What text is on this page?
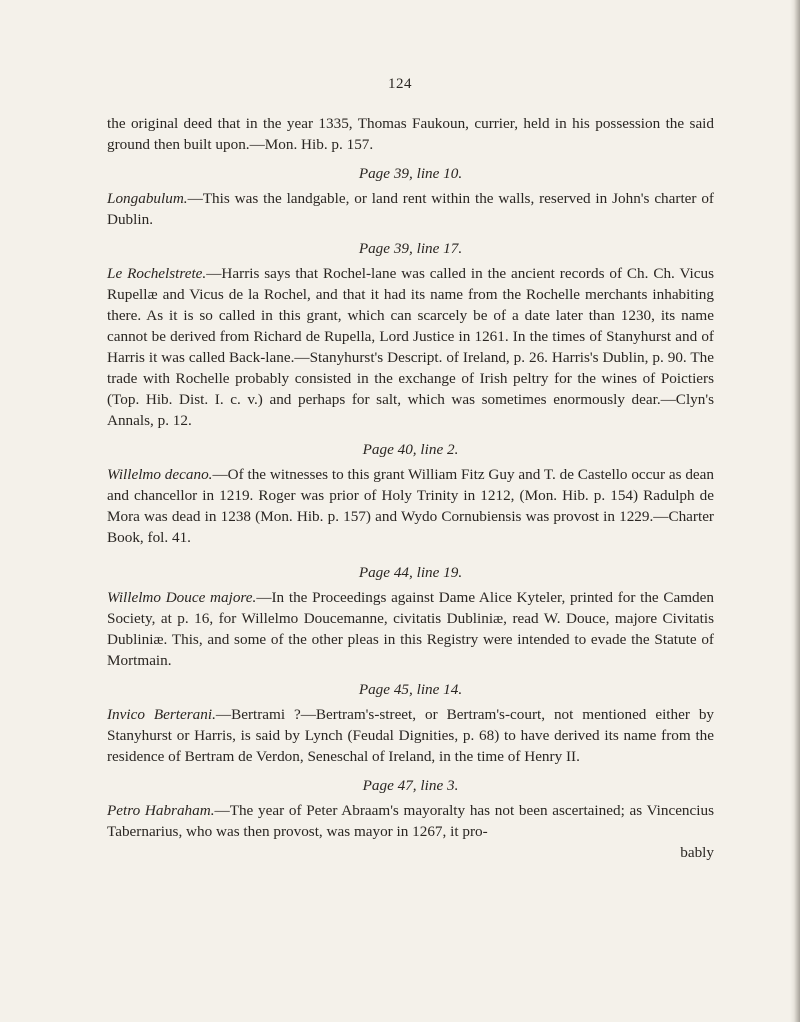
124

the original deed that in the year 1335, Thomas Faukoun, currier, held in his possession the said ground then built upon.—Mon. Hib. p. 157.

Page 39, line 10.

Longabulum.—This was the landgable, or land rent within the walls, reserved in John's charter of Dublin.

Page 39, line 17.

Le Rochelstrete.—Harris says that Rochel-lane was called in the ancient records of Ch. Ch. Vicus Rupellæ and Vicus de la Rochel, and that it had its name from the Rochelle merchants inhabiting there. As it is so called in this grant, which can scarcely be of a date later than 1230, its name cannot be derived from Richard de Rupella, Lord Justice in 1261. In the times of Stanyhurst and of Harris it was called Back-lane.—Stanyhurst's Descript. of Ireland, p. 26. Harris's Dublin, p. 90. The trade with Rochelle probably consisted in the exchange of Irish peltry for the wines of Poictiers (Top. Hib. Dist. I. c. v.) and perhaps for salt, which was sometimes enormously dear.—Clyn's Annals, p. 12.

Page 40, line 2.

Willelmo decano.—Of the witnesses to this grant William Fitz Guy and T. de Castello occur as dean and chancellor in 1219. Roger was prior of Holy Trinity in 1212, (Mon. Hib. p. 154) Radulph de Mora was dead in 1238 (Mon. Hib. p. 157) and Wydo Cornubiensis was provost in 1229.—Charter Book, fol. 41.

Page 44, line 19.

Willelmo Douce majore.—In the Proceedings against Dame Alice Kyteler, printed for the Camden Society, at p. 16, for Willelmo Doucemanne, civitatis Dubliniæ, read W. Douce, majore Civitatis Dubliniæ. This, and some of the other pleas in this Registry were intended to evade the Statute of Mortmain.

Page 45, line 14.

Invico Berterani.—Bertrami ?—Bertram's-street, or Bertram's-court, not mentioned either by Stanyhurst or Harris, is said by Lynch (Feudal Dignities, p. 68) to have derived its name from the residence of Bertram de Verdon, Seneschal of Ireland, in the time of Henry II.

Page 47, line 3.

Petro Habraham.—The year of Peter Abraam's mayoralty has not been ascertained; as Vincencius Tabernarius, who was then provost, was mayor in 1267, it pro-

bably
